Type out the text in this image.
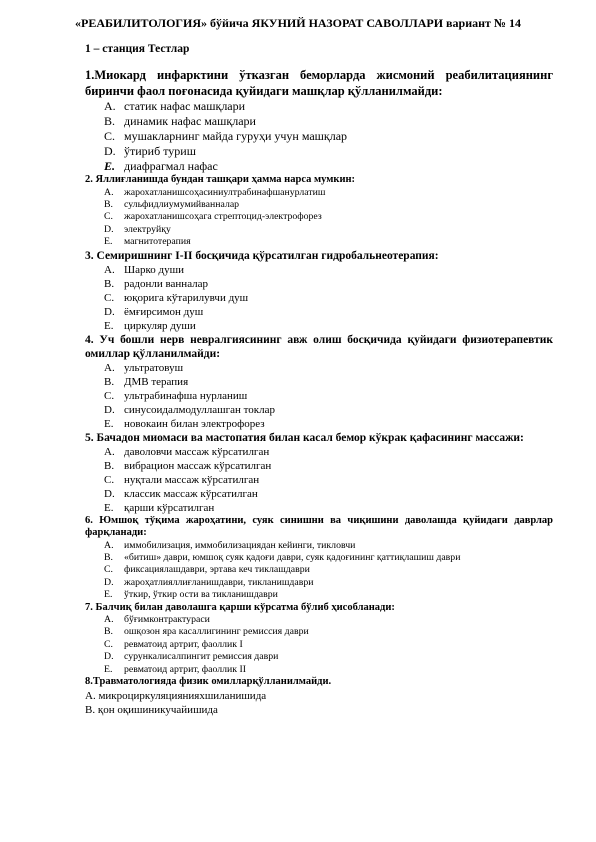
«РЕАБИЛИТОЛОГИЯ» бўйича ЯКУНИЙ НАЗОРАТ САВОЛЛАРИ вариант № 14
1 – станция Тестлар

1.Миокард инфарктини ўтказган беморларда жисмоний реабилитациянинг биринчи фаол поғонасида қуйидаги машқлар қўлланилмайди:

A. статик нафас машқлари
B. динамик нафас машқлари
C. мушакларнинг майда гуруҳи учун машқлар
D. ўтириб туриш
E. диафрагмал нафас

2. Яллиғланишда бундан ташқари ҳамма нарса мумкин:

A.	жарохатланишсоҳасиниултрабинафшанурлатиш
B.	сульфидлиумумийванналар
C.	жарохатланишсоҳага стрептоцид-электрофорез
D.	электруйқу
E.	магнитотерапия

3. Семиришнинг I-II босқичида қўрсатилган гидробальнеотерапия:

A. Шарко души
B. радонли ванналар
C. юқорига кўтарилувчи душ
D. ёмғирсимон душ
E. циркуляр души

4. Уч бошли нерв невралгиясининг авж олиш босқичида қуйидаги физиотерапевтик омиллар қўлланилмайди:

A. ультратовуш
B. ДМВ терапия
C. ультрабинафша нурланиш
D. синусоидалмодуллашган токлар
E. новокаин билан электрофорез

5. Бачадон миомаси ва мастопатия билан касал бемор кўкрак қафасининг массажи:

A. даволовчи массаж кўрсатилган
B. вибрацион массаж кўрсатилган
C. нуқтали массаж кўрсатилган
D. классик массаж кўрсатилган
E. қарши кўрсатилган

6. Юмшоқ тўқима жароҳатини, суяк синишни ва чиқишини даволашда қуйидаги даврлар фарқланади:

A.	иммобилизация, иммобилизациядан кейинги, тикловчи
B.	«битиш» даври, юмшоқ суяк қадоғи даври, суяк қадоғининг қаттиқлашиш даври
C.	фиксациялашдаври, эртава кеч тиклашдаври
D.	жароҳатлияллиғланишдаври, тикланишдаври
E.	ўткир, ўткир ости ва тикланишдаври

7. Балчиқ билан даволашга қарши кўрсатма бўлиб ҳисобланади:

A.	бўғимконтрактураси
B.	ошқозон яра касаллигининг ремиссия даври
C.	ревматоид артрит, фаоллик I
D.	сурункалисалпингит ремиссия даври
E.	ревматоид артрит, фаоллик II

8.Травматологияда физик омилларқўлланилмайди.

A. микроциркуляциянияхшиланишида

B. қон оқишиникучайишида
